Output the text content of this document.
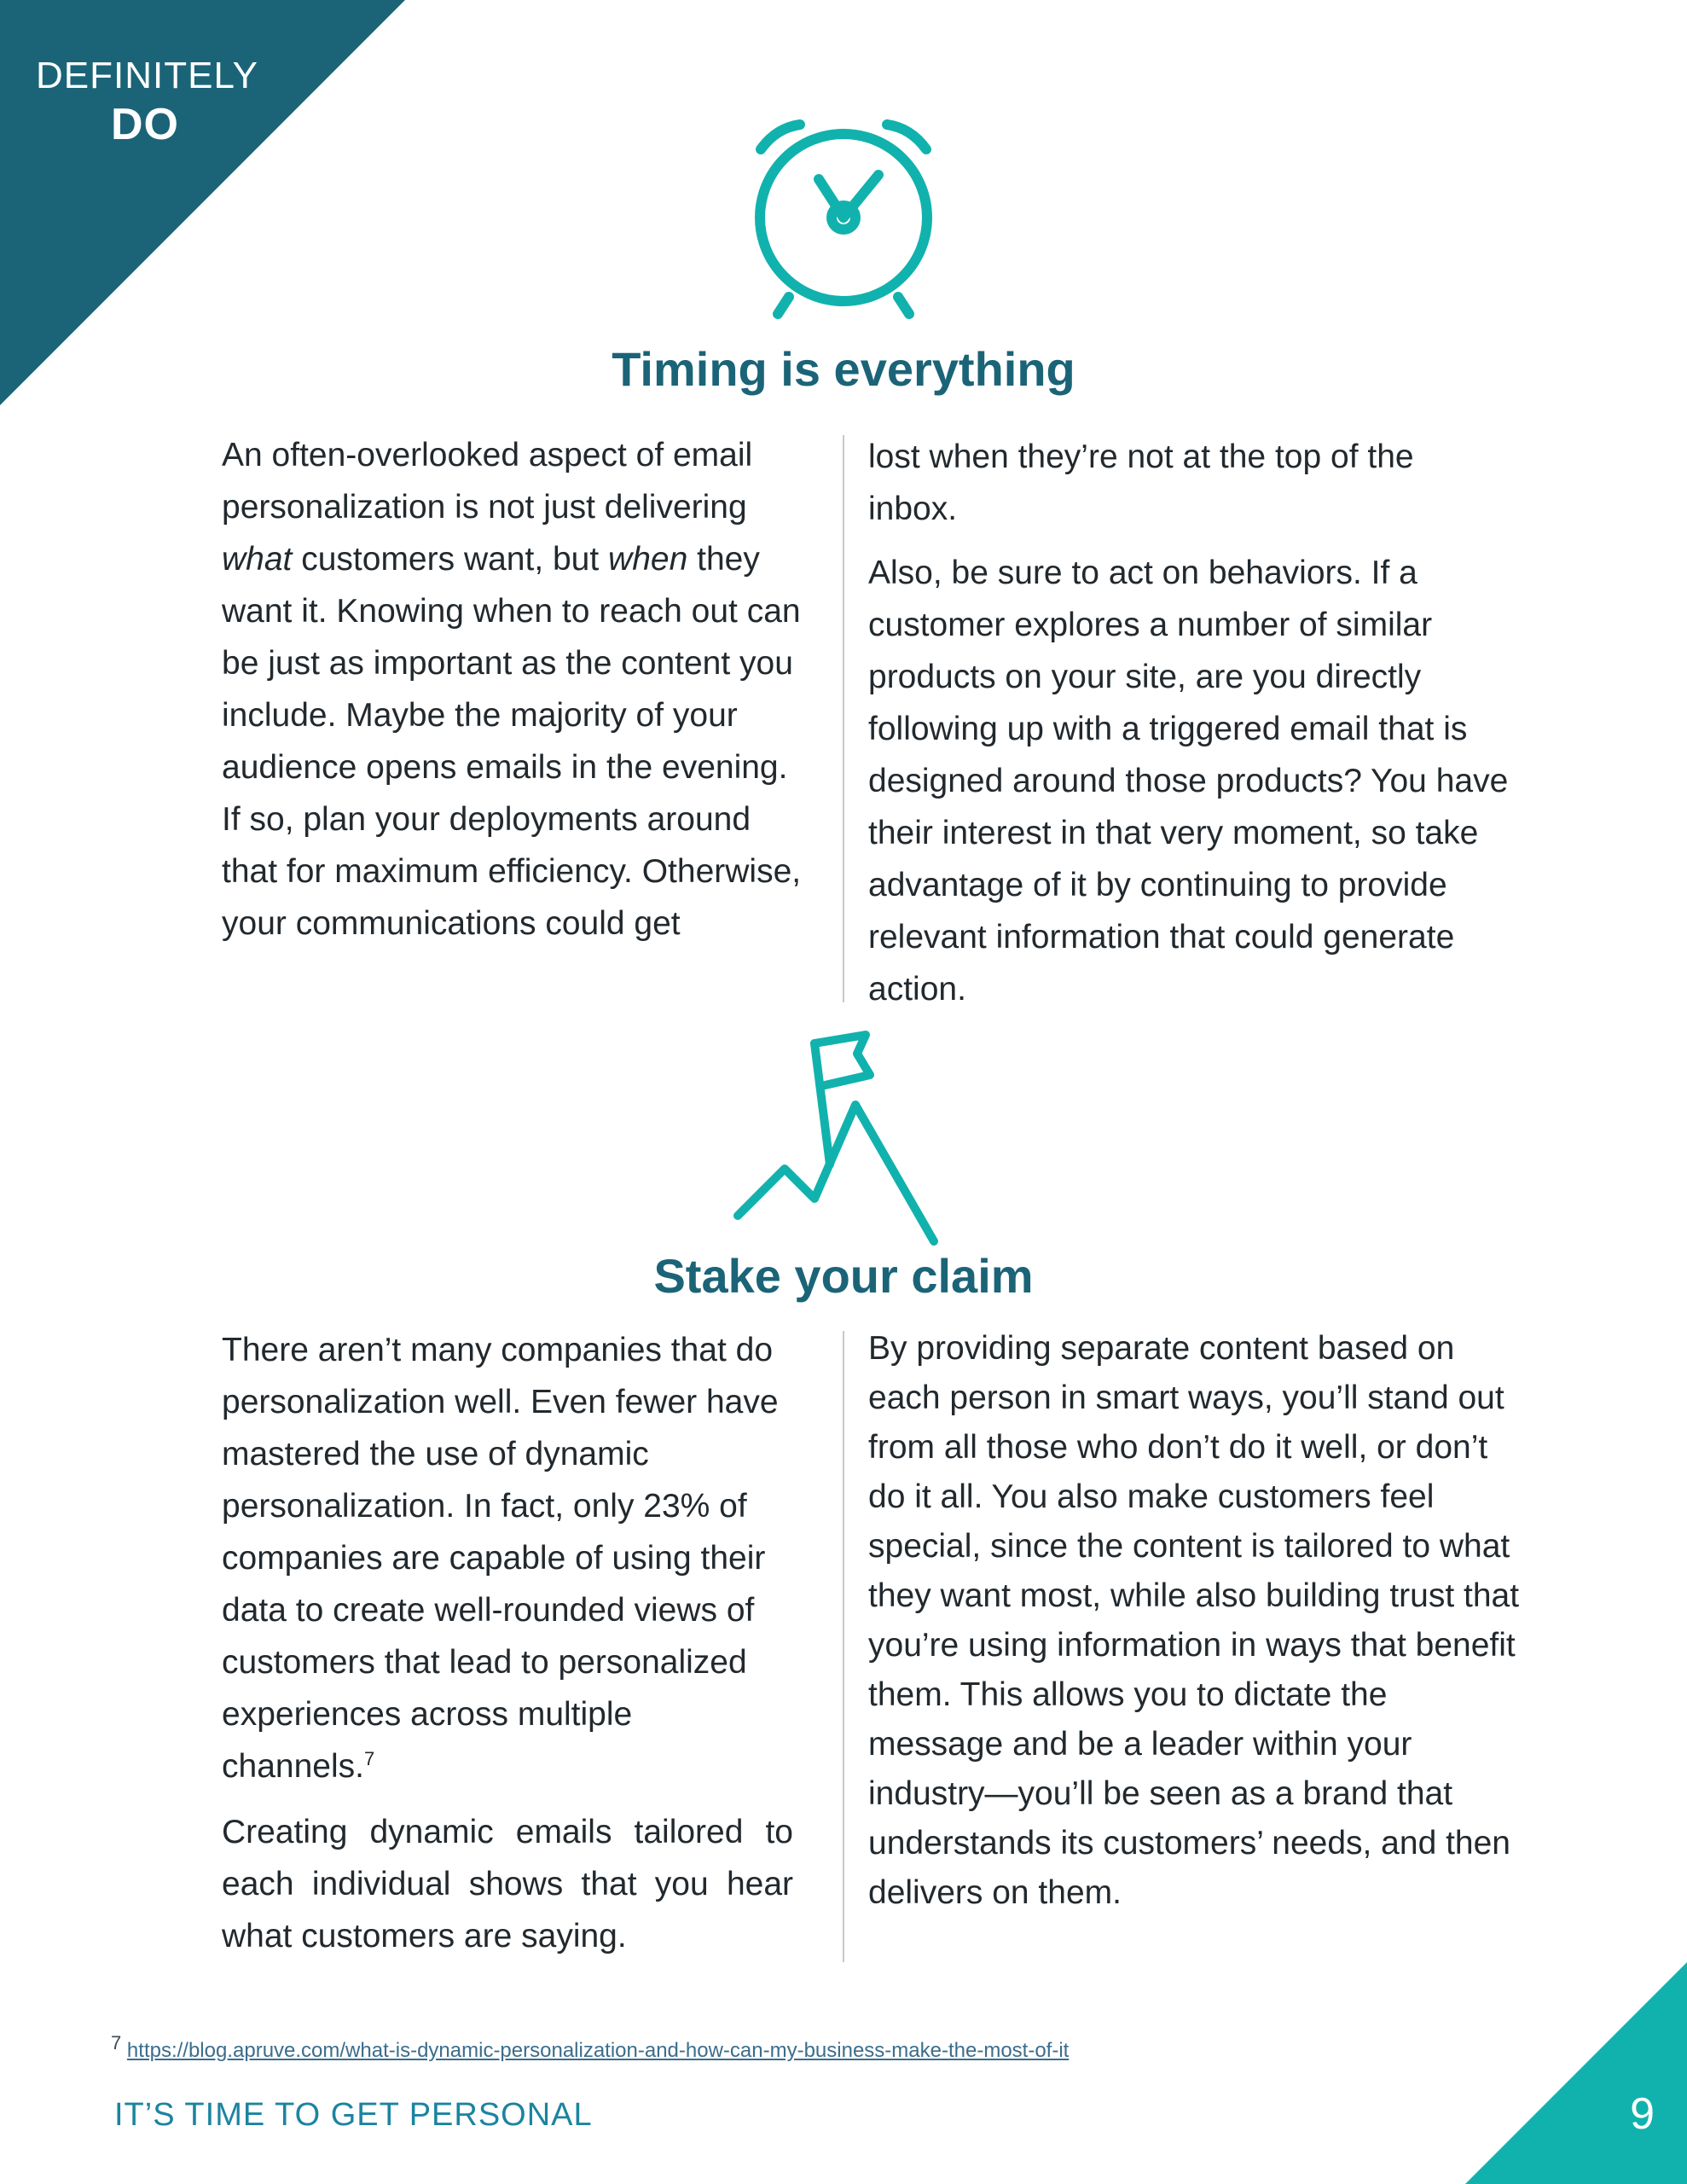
DEFINITELY
DO
Timing is everything

An often-overlooked aspect of email personalization is not just delivering what customers want, but when they want it. Knowing when to reach out can be just as important as the content you include. Maybe the majority of your audience opens emails in the evening. If so, plan your deployments around that for maximum efficiency. Otherwise, your communications could get

lost when they’re not at the top of the inbox.

Also, be sure to act on behaviors. If a customer explores a number of similar products on your site, are you directly following up with a triggered email that is designed around those products? You have their interest in that very moment, so take advantage of it by continuing to provide relevant information that could generate action.

Stake your claim

There aren’t many companies that do personalization well. Even fewer have mastered the use of dynamic personalization. In fact, only 23% of companies are capable of using their data to create well-rounded views of customers that lead to personalized experiences across multiple channels.$^7$

Creating dynamic emails tailored to each individual shows that you hear what customers are saying.

By providing separate content based on each person in smart ways, you’ll stand out from all those who don’t do it well, or don’t do it all. You also make customers feel special, since the content is tailored to what they want most, while also building trust that you’re using information in ways that benefit them. This allows you to dictate the message and be a leader within your industry—you’ll be seen as a brand that understands its customers’ needs, and then delivers on them.

$^7$ https://blog.apruve.com/what-is-dynamic-personalization-and-how-can-my-business-make-the-most-of-it
IT’S TIME TO GET PERSONAL	9
